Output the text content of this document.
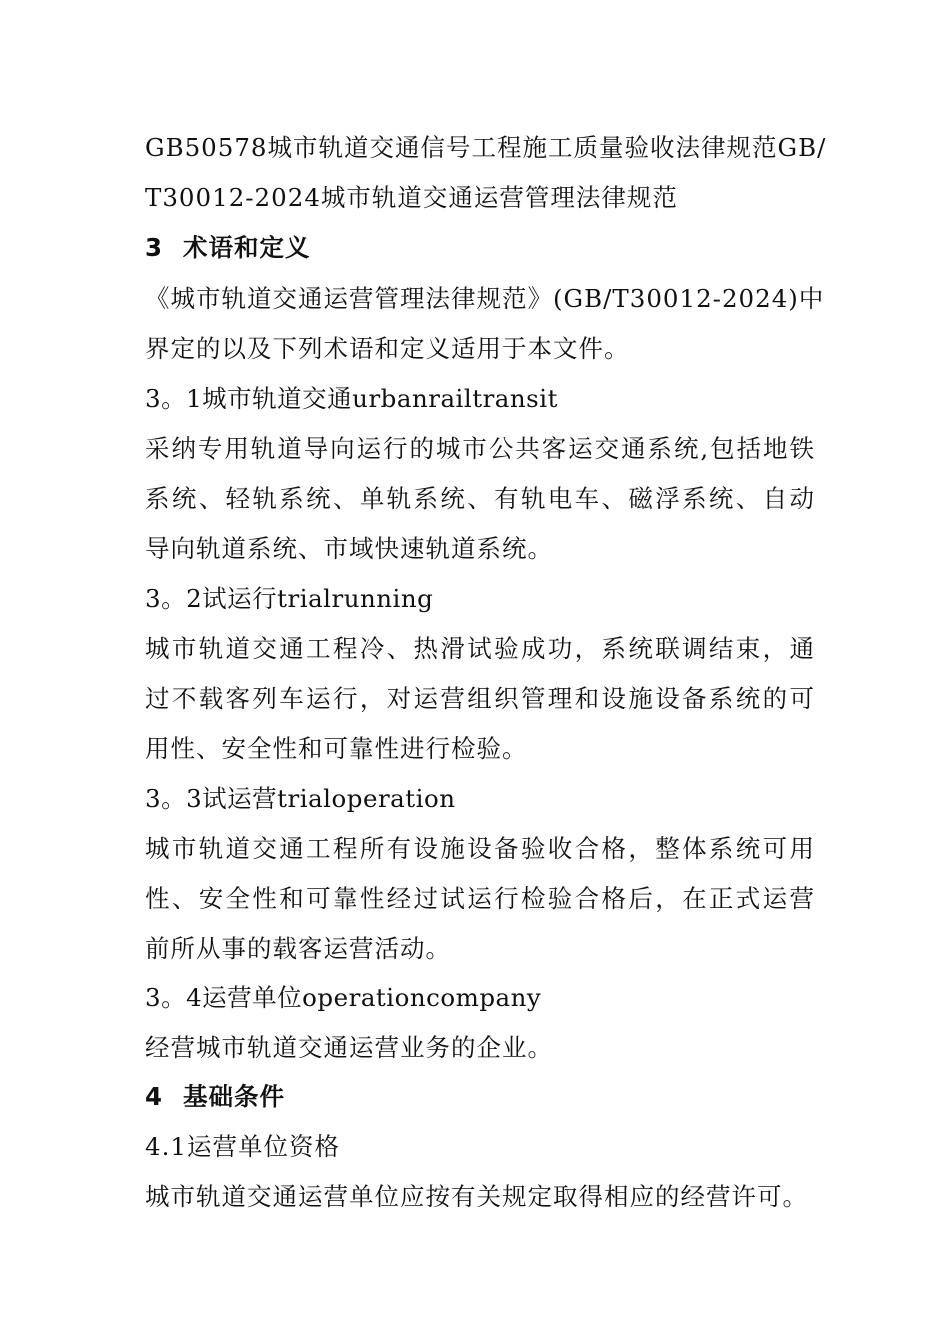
GB50578城市轨道交通信号工程施工质量验收法律规范GB/
T30012-2024城市轨道交通运营管理法律规范
3 术语和定义
《城市轨道交通运营管理法律规范》(GB/T30012-2024)中
界定的以及下列术语和定义适用于本文件。
3。1城市轨道交通urbanrailtransit
采纳专用轨道导向运行的城市公共客运交通系统,包括地铁
系统、轻轨系统、单轨系统、有轨电车、磁浮系统、自动
导向轨道系统、市域快速轨道系统。
3。2试运行trialrunning
城市轨道交通工程冷、热滑试验成功，系统联调结束，通
过不载客列车运行，对运营组织管理和设施设备系统的可
用性、安全性和可靠性进行检验。
3。3试运营trialoperation
城市轨道交通工程所有设施设备验收合格，整体系统可用
性、安全性和可靠性经过试运行检验合格后，在正式运营
前所从事的载客运营活动。
3。4运营单位operationcompany
经营城市轨道交通运营业务的企业。
4 基础条件
4.1运营单位资格
城市轨道交通运营单位应按有关规定取得相应的经营许可。
